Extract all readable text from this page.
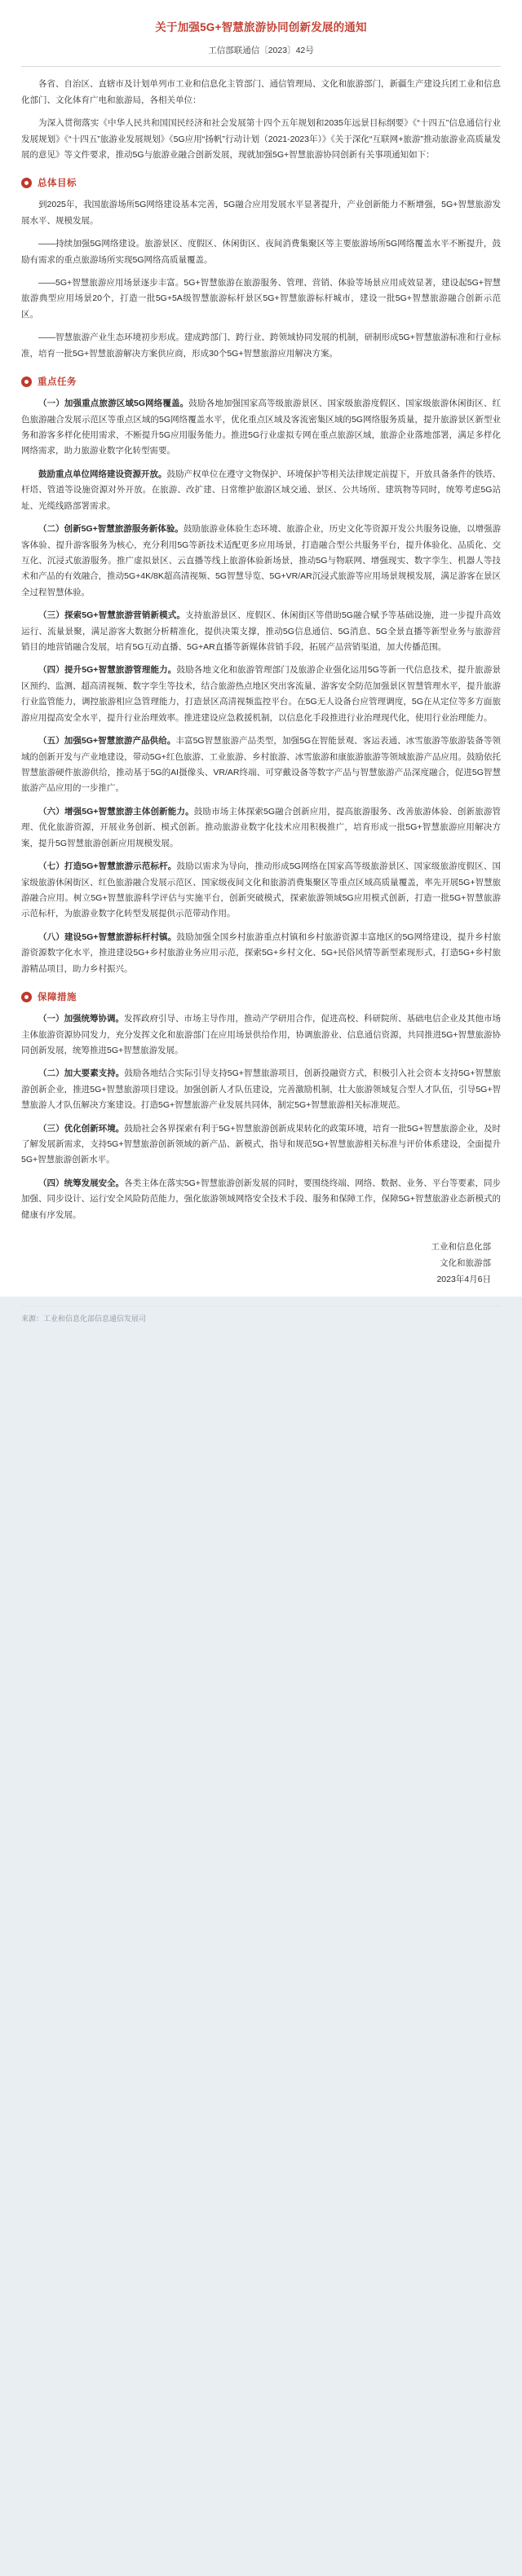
关于加强5G+智慧旅游协同创新发展的通知
工信部联通信〔2023〕42号

各省、自治区、直辖市及计划单列市工业和信息化主管部门、通信管理局、文化和旅游部门，新疆生产建设兵团工业和信息化部门、文化体育广电和旅游局，各相关单位：

为深入贯彻落实《中华人民共和国国民经济和社会发展第十四个五年规划和2035年远景目标纲要》《“十四五”信息通信行业发展规划》《“十四五”旅游业发展规划》《5G应用“扬帆”行动计划（2021-2023年）》《关于深化“互联网+旅游”推动旅游业高质量发展的意见》等文件要求，推动5G与旅游业融合创新发展，现就加强5G+智慧旅游协同创新有关事项通知如下：

总体目标

到2025年，我国旅游场所5G网络建设基本完善，5G融合应用发展水平显著提升，产业创新能力不断增强，5G+智慧旅游发展水平、规模发展。

——持续加强5G网络建设。旅游景区、度假区、休闲街区、夜间消费集聚区等主要旅游场所5G网络覆盖水平不断提升，鼓励有需求的重点旅游场所实现5G网络高质量覆盖。

——5G+智慧旅游应用场景逐步丰富。5G+智慧旅游在旅游服务、管理、营销、体验等场景应用成效显著，建设起5G+智慧旅游典型应用场景20个，打造一批5G+5A级智慧旅游标杆景区5G+智慧旅游标杆城市，建设一批5G+智慧旅游融合创新示范区。

——智慧旅游产业生态环境初步形成。建成跨部门、跨行业、跨领域协同发展的机制，研制形成5G+智慧旅游标准和行业标准，培育一批5G+智慧旅游解决方案供应商，形成30个5G+智慧旅游应用解决方案。

重点任务

（一）加强重点旅游区域5G网络覆盖。鼓励各地加强国家高等级旅游景区、国家级旅游度假区、国家级旅游休闲街区、红色旅游融合发展示范区等重点区域的5G网络覆盖水平，优化重点区域及客流密集区域的5G网络服务质量，提升旅游景区新型业务和游客多样化使用需求，不断提升5G应用服务能力。推进5G行业虚拟专网在重点旅游区域，旅游企业落地部署，满足多样化网络需求，助力旅游业数字化转型需要。

鼓励重点单位网络建设资源开放。鼓励产权单位在遵守文物保护、环境保护等相关法律规定前提下，开放具备条件的铁塔、杆塔、管道等设施资源对外开放。在旅游、改扩建、日常维护旅游区域交通、景区、公共场所、建筑物等同时，统筹考虑5G站址、光缆线路部署需求。

（二）创新5G+智慧旅游服务新体验。鼓励旅游业体验生态环境、旅游企业，历史文化等资源开发公共服务设施，以增强游客体验、提升游客服务为核心，充分利用5G等新技术适配更多应用场景，打造融合型公共服务平台，提升体验化、品质化、交互化、沉浸式旅游服务。推广虚拟景区、云直播等线上旅游体验新场景，推动5G与物联网、增强现实、数字孪生、机器人等技术和产品的有效融合，推动5G+4K/8K超高清视频、5G智慧导览、5G+VR/AR沉浸式旅游等应用场景规模发展，满足游客在景区全过程智慧体验。

（三）探索5G+智慧旅游营销新模式。支持旅游景区、度假区、休闲街区等借助5G融合赋予等基础设施，进一步提升高效运行、流量景聚，满足游客大数据分析精准化，提供决策支撑，推动5G信息通信、5G消息、5G全景直播等新型业务与旅游营销目的地营销融合发展，培育5G互动直播、5G+AR直播等新媒体营销手段，拓展产品营销渠道，加大传播范围。

（四）提升5G+智慧旅游管理能力。鼓励各地文化和旅游管理部门及旅游企业强化运用5G等新一代信息技术，提升旅游景区预约、监测、超高清视频、数字孪生等技术，结合旅游热点地区突出客流量、游客安全防范加强景区智慧管理水平，提升旅游行业监管能力，调控旅游相应急管理能力，打造景区高清视频监控平台。在5G无人设备台应管理调度，5G在从定位等多方面旅游应用提高安全水平，提升行业治理效率。推进建设应急救援机制，以信息化手段推进行业治理现代化，使用行业治理能力。

（五）加强5G+智慧旅游产品供给。丰富5G智慧旅游产品类型，加强5G在智能景观、客运表通、冰雪旅游等旅游装备等领域的创新开发与产业地建设，带动5G+红色旅游、工业旅游、乡村旅游、冰雪旅游和康旅游旅游等领域旅游产品应用。鼓励依托智慧旅游硬件旅游供给，推动基于5G的AI摄像头、VR/AR终端、可穿戴设备等数字产品与智慧旅游产品深度融合，促进5G智慧旅游产品应用的一步推广。

（六）增强5G+智慧旅游主体创新能力。鼓励市场主体探索5G融合创新应用，提高旅游服务、改善旅游体验、创新旅游管理、优化旅游资源，开展业务创新、模式创新。推动旅游业数字化技术应用积极推广，培育形成一批5G+智慧旅游应用解决方案，提升5G智慧旅游创新应用规模发展。

（七）打造5G+智慧旅游示范标杆。鼓励以需求为导向，推动形成5G网络在国家高等级旅游景区、国家级旅游度假区、国家级旅游休闲街区、红色旅游融合发展示范区、国家级夜间文化和旅游消费集聚区等重点区域高质量覆盖，率先开展5G+智慧旅游融合应用。树立5G+智慧旅游科学评估与实施平台，创新突破模式，探索旅游领域5G应用模式创新，打造一批5G+智慧旅游示范标杆，为旅游业数字化转型发展提供示范带动作用。

（八）建设5G+智慧旅游标杆村镇。鼓励加强全国乡村旅游重点村镇和乡村旅游资源丰富地区的5G网络建设，提升乡村旅游资源数字化水平，推进建设5G+乡村旅游业务应用示范，探索5G+乡村文化、5G+民俗风情等新型素现形式，打造5G+乡村旅游精品项目，助力乡村振兴。

保障措施

（一）加强统筹协调。发挥政府引导、市场主导作用，推动产学研用合作，促进高校、科研院所、基础电信企业及其他市场主体旅游资源协同发力，充分发挥文化和旅游部门在应用场景供给作用，协调旅游业、信息通信资源，共同推进5G+智慧旅游协同创新发展，统筹推进5G+智慧旅游发展。

（二）加大要素支持。鼓励各地结合实际引导支持5G+智慧旅游项目，创新投融资方式，积极引入社会资本支持5G+智慧旅游创新企业，推进5G+智慧旅游项目建设。加强创新人才队伍建设，完善激励机制，壮大旅游领域复合型人才队伍，引导5G+智慧旅游人才队伍解决方案建设。打造5G+智慧旅游产业发展共同体，制定5G+智慧旅游相关标准规范。

（三）优化创新环境。鼓励社会各界探索有利于5G+智慧旅游创新成果转化的政策环境，培育一批5G+智慧旅游企业，及时了解发展新需求，支持5G+智慧旅游创新领域的新产品、新模式，指导和规范5G+智慧旅游相关标准与评价体系建设，全面提升5G+智慧旅游创新水平。

（四）统筹发展安全。各类主体在落实5G+智慧旅游创新发展的同时，要围绕终端、网络、数据、业务、平台等要素，同步加强、同步设计、运行安全风险防范能力，强化旅游领域网络安全技术手段、服务和保障工作，保障5G+智慧旅游业态新模式的健康有序发展。

工业和信息化部
文化和旅游部
2023年4月6日
来源：工业和信息化部信息通信发展司
